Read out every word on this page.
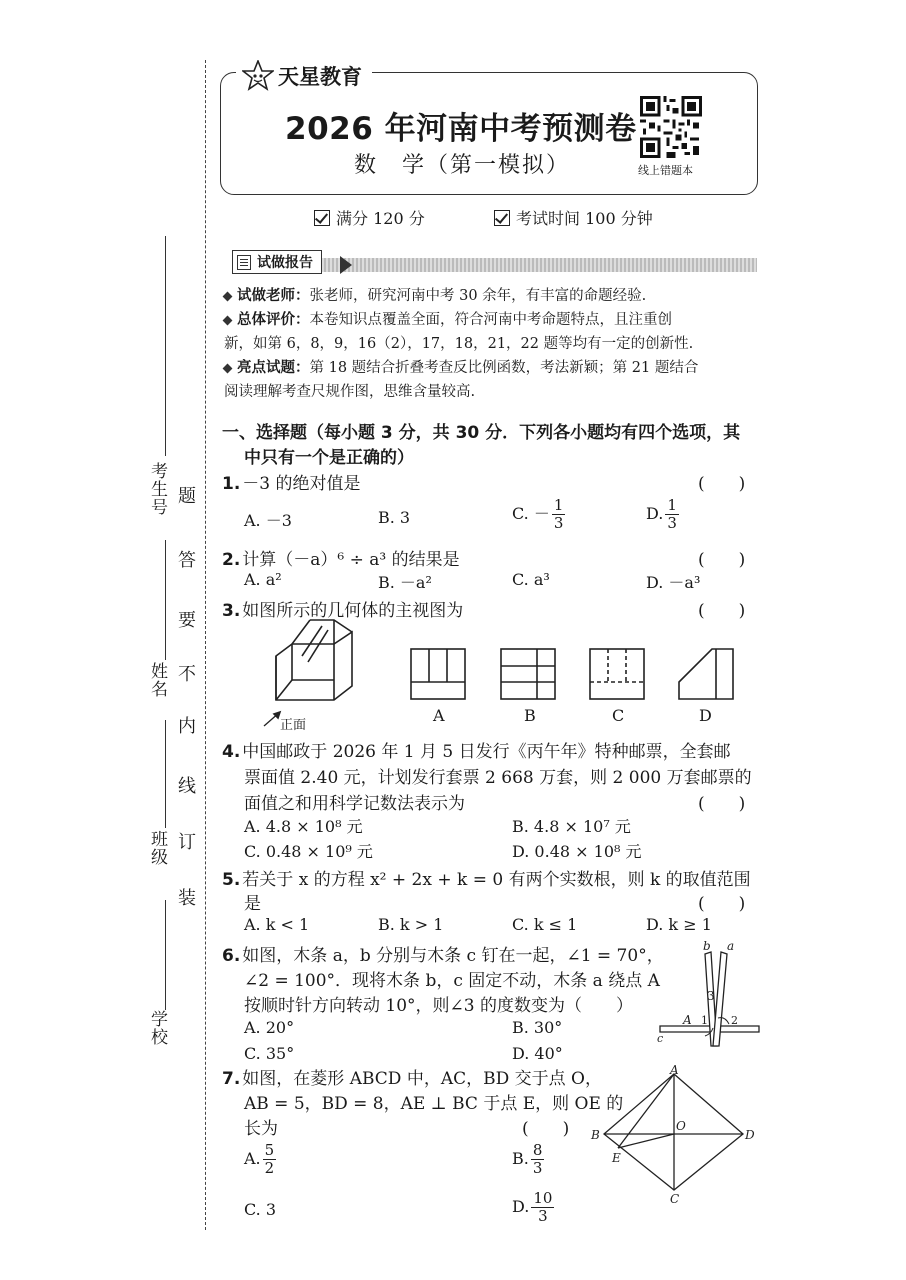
考生号
姓名
班级
学校
题
答
要
不
内
线
订
装
天星教育
2026 年河南中考预测卷
数　学（第一模拟）	线上错题本
满分 120 分	考试时间 100 分钟
试做报告
试做老师：张老师，研究河南中考 30 余年，有丰富的命题经验.
总体评价：本卷知识点覆盖全面，符合河南中考命题特点，且注重创
新，如第 6，8，9，16（2），17，18，21，22 题等均有一定的创新性.
亮点试题：第 18 题结合折叠考查反比例函数，考法新颖；第 21 题结合
阅读理解考查尺规作图，思维含量较高.
一、选择题（每小题 3 分，共 30 分．下列各小题均有四个选项，其
中只有一个是正确的）
1. －3 的绝对值是	(　　)
A. －3	B. 3	C. － $\frac{1}{3}$	D. $\frac{1}{3}$
2. 计算（－a）⁶ ÷ a³ 的结果是	(　　)
A. a²	B. －a²	C. a³	D. －a³
3. 如图所示的几何体的主视图为	(　　)
正面
A	B	C	D
4. 中国邮政于 2026 年 1 月 5 日发行《丙午年》特种邮票，全套邮
票面值 2.40 元，计划发行套票 2 668 万套，则 2 000 万套邮票的
面值之和用科学记数法表示为	(　　)
A. 4.8 × 10⁸ 元	B. 4.8 × 10⁷ 元
C. 0.48 × 10⁹ 元	D. 0.48 × 10⁸ 元
5. 若关于 x 的方程 x² + 2x + k = 0 有两个实数根，则 k 的取值范围
是	(　　)
A. k < 1	B. k > 1	C. k ≤ 1	D. k ≥ 1
6. 如图，木条 a，b 分别与木条 c 钉在一起，∠1 = 70°，
∠2 = 100°．现将木条 b，c 固定不动，木条 a 绕点 A
按顺时针方向转动 10°，则∠3 的度数变为（　　）
A. 20°	B. 30°
C. 35°	D. 40°
b a
3
A 1 2
c
7. 如图，在菱形 ABCD 中，AC，BD 交于点 O，
AB = 5，BD = 8，AE ⊥ BC 于点 E，则 OE 的
长为	(　　)
A. $\frac{5}{2}$	B. $\frac{8}{3}$
C. 3	D. $\frac{10}{3}$
A
B
O
D
E
C
